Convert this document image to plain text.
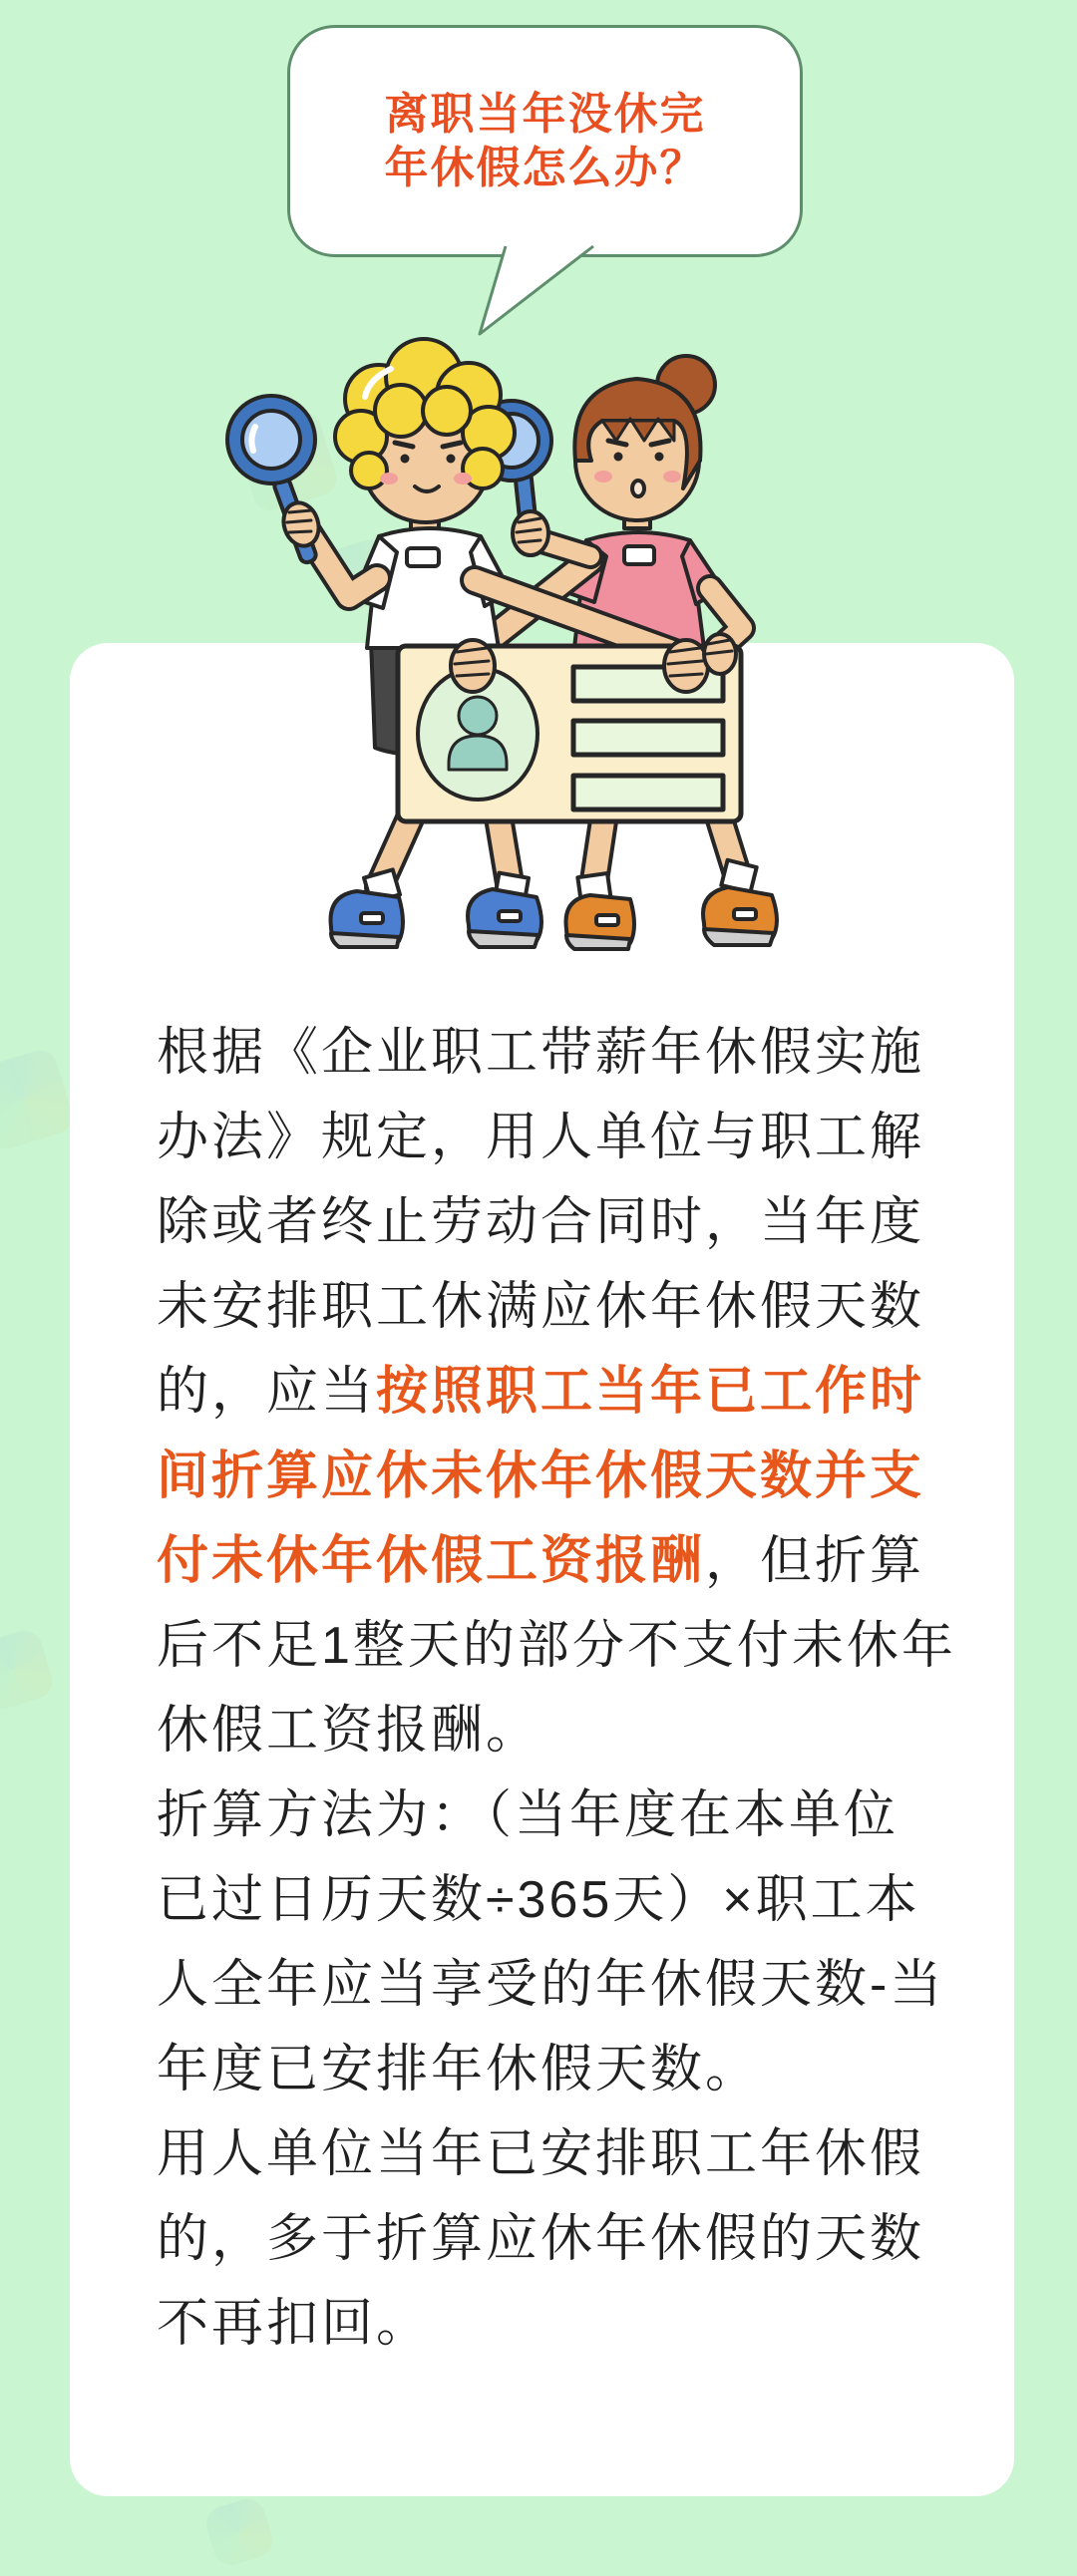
离职当年没休完
年休假怎么办？
根据《企业职工带薪年休假实施
办法》规定，用人单位与职工解
除或者终止劳动合同时，当年度
未安排职工休满应休年休假天数
的，应当按照职工当年已工作时
间折算应休未休年休假天数并支
付未休年休假工资报酬，但折算
后不足1整天的部分不支付未休年
休假工资报酬。
折算方法为：（当年度在本单位
已过日历天数÷365天）×职工本
人全年应当享受的年休假天数-当
年度已安排年休假天数。
用人单位当年已安排职工年休假
的，多于折算应休年休假的天数
不再扣回。
